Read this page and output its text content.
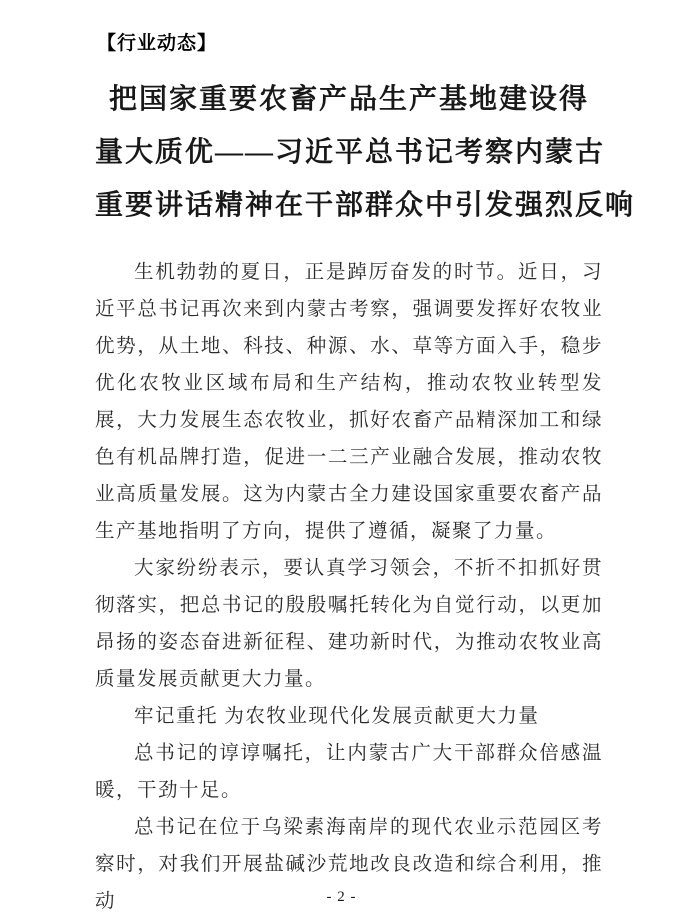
【行业动态】
把国家重要农畜产品生产基地建设得
量大质优——习近平总书记考察内蒙古
重要讲话精神在干部群众中引发强烈反响

生机勃勃的夏日，正是踔厉奋发的时节。近日，习近平总书记再次来到内蒙古考察，强调要发挥好农牧业优势，从土地、科技、种源、水、草等方面入手，稳步优化农牧业区域布局和生产结构，推动农牧业转型发展，大力发展生态农牧业，抓好农畜产品精深加工和绿色有机品牌打造，促进一二三产业融合发展，推动农牧业高质量发展。这为内蒙古全力建设国家重要农畜产品生产基地指明了方向，提供了遵循，凝聚了力量。

大家纷纷表示，要认真学习领会，不折不扣抓好贯彻落实，把总书记的殷殷嘱托转化为自觉行动，以更加昂扬的姿态奋进新征程、建功新时代，为推动农牧业高质量发展贡献更大力量。

牢记重托 为农牧业现代化发展贡献更大力量

总书记的谆谆嘱托，让内蒙古广大干部群众倍感温暖，干劲十足。

总书记在位于乌梁素海南岸的现代农业示范园区考察时，对我们开展盐碱沙荒地改良改造和综合利用，推动	- 2 -
